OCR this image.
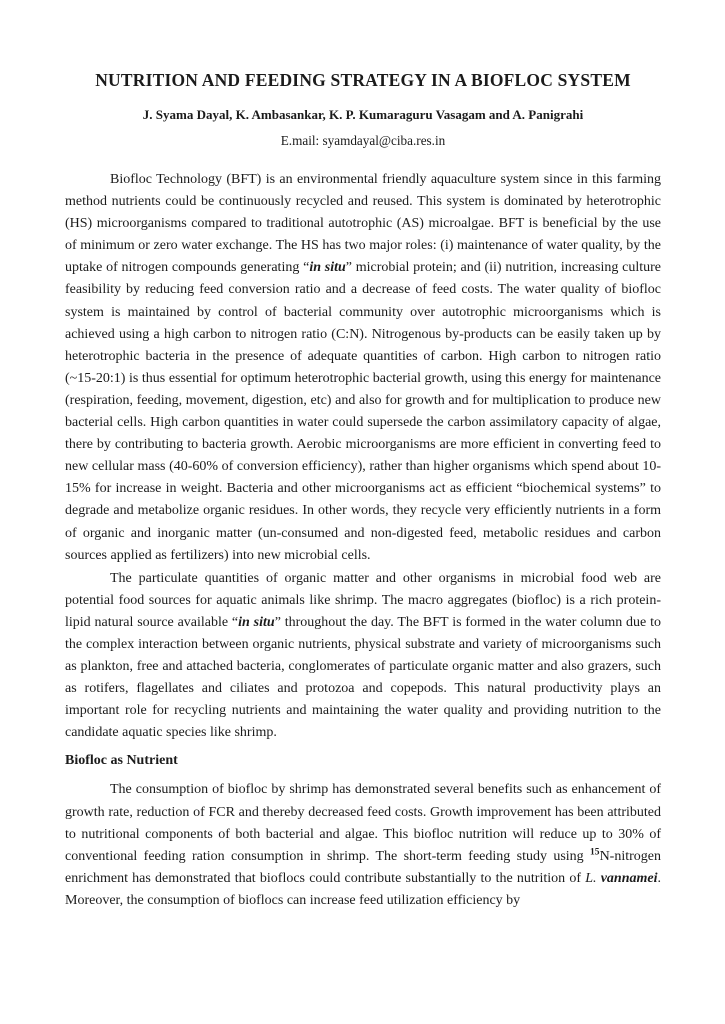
NUTRITION AND FEEDING STRATEGY IN A BIOFLOC SYSTEM

J. Syama Dayal, K. Ambasankar, K. P. Kumaraguru Vasagam and A. Panigrahi

E.mail: syamdayal@ciba.res.in

Biofloc Technology (BFT) is an environmental friendly aquaculture system since in this farming method nutrients could be continuously recycled and reused. This system is dominated by heterotrophic (HS) microorganisms compared to traditional autotrophic (AS) microalgae. BFT is beneficial by the use of minimum or zero water exchange. The HS has two major roles: (i) maintenance of water quality, by the uptake of nitrogen compounds generating “in situ” microbial protein; and (ii) nutrition, increasing culture feasibility by reducing feed conversion ratio and a decrease of feed costs. The water quality of biofloc system is maintained by control of bacterial community over autotrophic microorganisms which is achieved using a high carbon to nitrogen ratio (C:N). Nitrogenous by-products can be easily taken up by heterotrophic bacteria in the presence of adequate quantities of carbon. High carbon to nitrogen ratio (~15-20:1) is thus essential for optimum heterotrophic bacterial growth, using this energy for maintenance (respiration, feeding, movement, digestion, etc) and also for growth and for multiplication to produce new bacterial cells. High carbon quantities in water could supersede the carbon assimilatory capacity of algae, there by contributing to bacteria growth. Aerobic microorganisms are more efficient in converting feed to new cellular mass (40-60% of conversion efficiency), rather than higher organisms which spend about 10-15% for increase in weight. Bacteria and other microorganisms act as efficient “biochemical systems” to degrade and metabolize organic residues. In other words, they recycle very efficiently nutrients in a form of organic and inorganic matter (un-consumed and non-digested feed, metabolic residues and carbon sources applied as fertilizers) into new microbial cells.

The particulate quantities of organic matter and other organisms in microbial food web are potential food sources for aquatic animals like shrimp. The macro aggregates (biofloc) is a rich protein-lipid natural source available “in situ” throughout the day. The BFT is formed in the water column due to the complex interaction between organic nutrients, physical substrate and variety of microorganisms such as plankton, free and attached bacteria, conglomerates of particulate organic matter and also grazers, such as rotifers, flagellates and ciliates and protozoa and copepods. This natural productivity plays an important role for recycling nutrients and maintaining the water quality and providing nutrition to the candidate aquatic species like shrimp.

Biofloc as Nutrient

The consumption of biofloc by shrimp has demonstrated several benefits such as enhancement of growth rate, reduction of FCR and thereby decreased feed costs. Growth improvement has been attributed to nutritional components of both bacterial and algae. This biofloc nutrition will reduce up to 30% of conventional feeding ration consumption in shrimp. The short-term feeding study using $^{15}$N-nitrogen enrichment has demonstrated that bioflocs could contribute substantially to the nutrition of L. vannamei. Moreover, the consumption of bioflocs can increase feed utilization efficiency by
